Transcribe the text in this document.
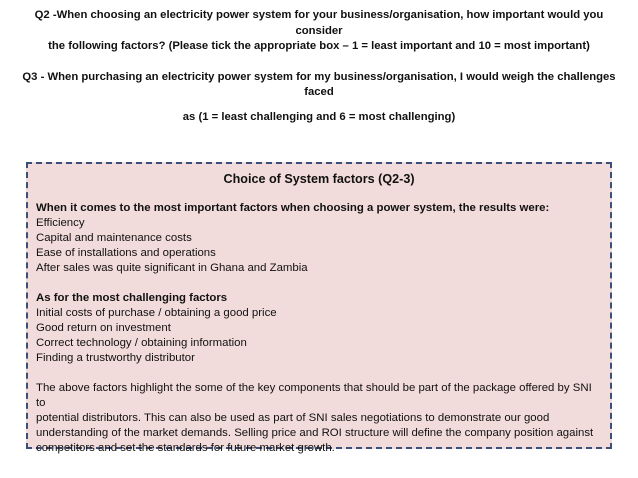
Q2 -When choosing an electricity power system for your business/organisation, how important would you consider

the following factors? (Please tick the appropriate box – 1 = least important and 10 = most important)

Q3 - When purchasing an electricity power system for my business/organisation, I would weigh the challenges faced

as (1 = least challenging and 6 = most challenging)

Choice of System factors (Q2-3)
When it comes to the most important factors when choosing a power system, the results were:
Efficiency
Capital and maintenance costs
Ease of installations and operations
After sales was quite significant in Ghana and Zambia
As for the most challenging factors
Initial costs of purchase / obtaining a good price
Good return on investment
Correct technology / obtaining information
Finding a trustworthy distributor
The above factors highlight the some of the key components that should be part of the package offered by SNI to
potential distributors. This can also be used as part of SNI sales negotiations to demonstrate our good
understanding of the market demands. Selling price and ROI structure will define the company position against
competitors and set the standards for future market growth.
